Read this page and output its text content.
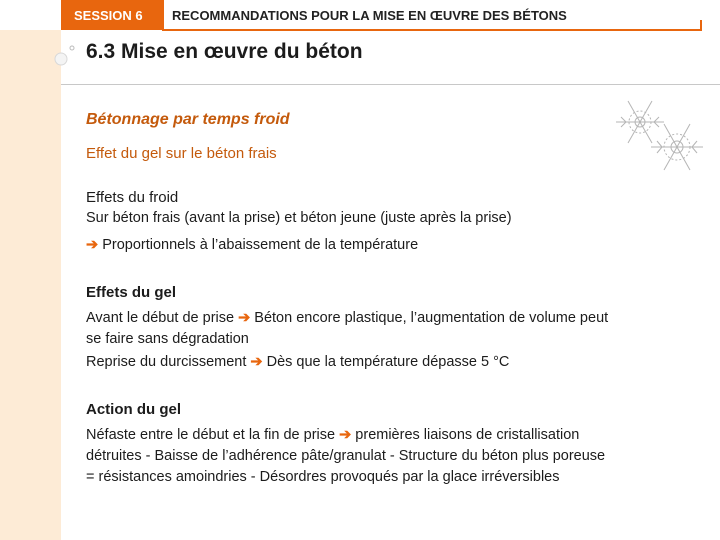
SESSION 6 RECOMMANDATIONS POUR LA MISE EN ŒUVRE DES BÉTONS
6.3 Mise en œuvre du béton
Bétonnage par temps froid
Effet du gel sur le béton frais
Effets du froid
Sur béton frais (avant la prise) et béton jeune (juste après la prise)
➔ Proportionnels à l’abaissement de la température
Effets du gel
Avant le début de prise ➔ Béton encore plastique, l’augmentation de volume peut
se faire sans dégradation
Reprise du durcissement ➔ Dès que la température dépasse 5 °C
Action du gel
Néfaste entre le début et la fin de prise ➔ premières liaisons de cristallisation
détruites - Baisse de l’adhérence pâte/granulat - Structure du béton plus poreuse
= résistances amoindries - Désordres provoqués par la glace irréversibles
